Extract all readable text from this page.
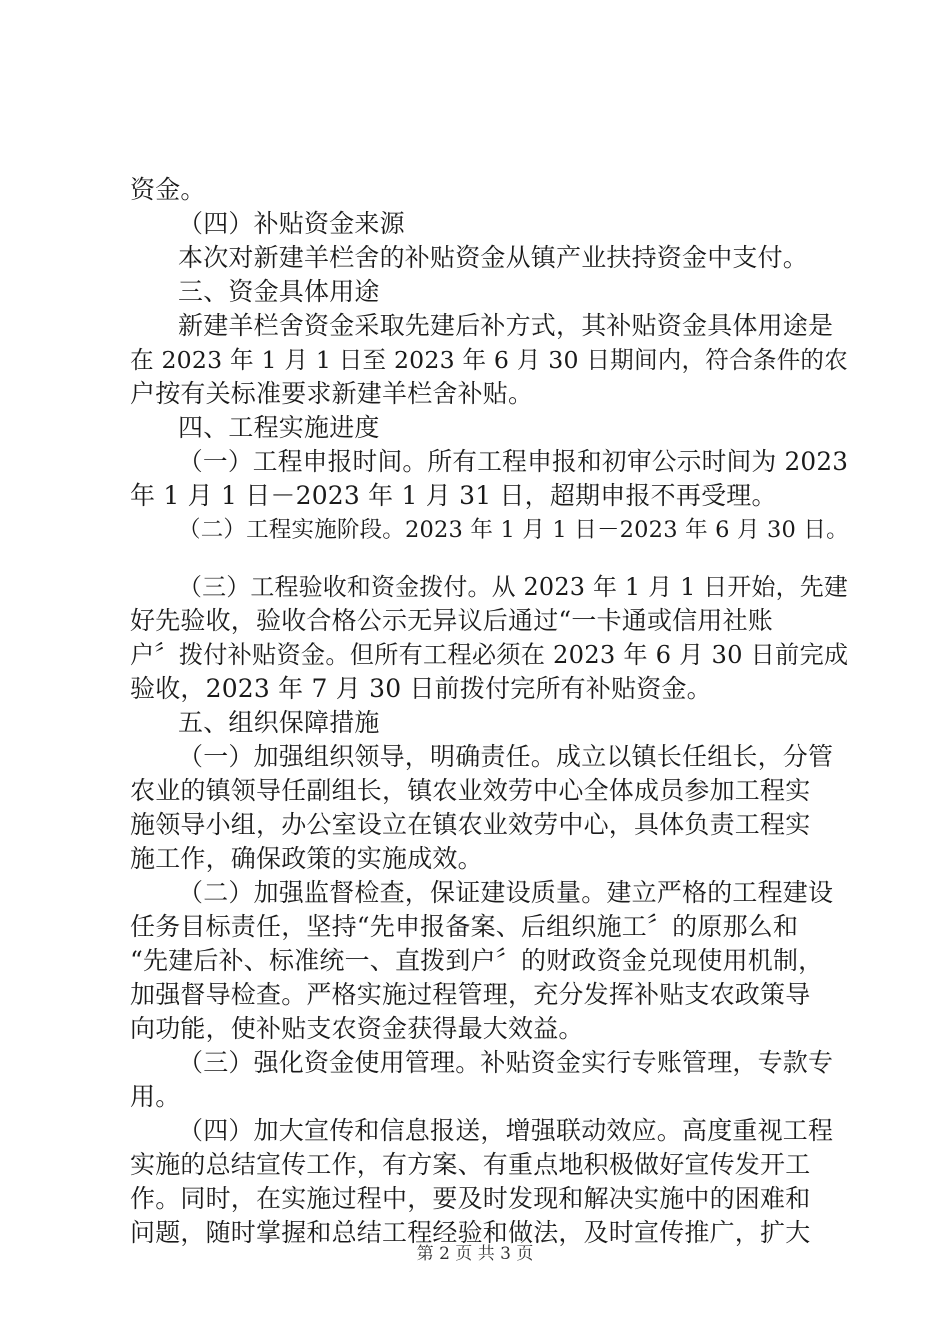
资金。
（四）补贴资金来源
本次对新建羊栏舍的补贴资金从镇产业扶持资金中支付。
三、资金具体用途
新建羊栏舍资金采取先建后补方式，其补贴资金具体用途是
在 2023 年 1 月 1 日至 2023 年 6 月 30 日期间内，符合条件的农
户按有关标准要求新建羊栏舍补贴。
四、工程实施进度
（一）工程申报时间。所有工程申报和初审公示时间为 2023
年 1 月 1 日－2023 年 1 月 31 日，超期申报不再受理。
（二）工程实施阶段。2023 年 1 月 1 日－2023 年 6 月 30 日。
（三）工程验收和资金拨付。从 2023 年 1 月 1 日开始，先建
好先验收，验收合格公示无异议后通过“一卡通或信用社账
户〞拨付补贴资金。但所有工程必须在 2023 年 6 月 30 日前完成
验收，2023 年 7 月 30 日前拨付完所有补贴资金。
五、组织保障措施
（一）加强组织领导，明确责任。成立以镇长任组长，分管
农业的镇领导任副组长，镇农业效劳中心全体成员参加工程实
施领导小组，办公室设立在镇农业效劳中心，具体负责工程实
施工作，确保政策的实施成效。
（二）加强监督检查，保证建设质量。建立严格的工程建设
任务目标责任，坚持“先申报备案、后组织施工〞的原那么和
“先建后补、标准统一、直拨到户〞的财政资金兑现使用机制，
加强督导检查。严格实施过程管理，充分发挥补贴支农政策导
向功能，使补贴支农资金获得最大效益。
（三）强化资金使用管理。补贴资金实行专账管理，专款专
用。
（四）加大宣传和信息报送，增强联动效应。高度重视工程
实施的总结宣传工作，有方案、有重点地积极做好宣传发开工
作。同时，在实施过程中，要及时发现和解决实施中的困难和
问题，随时掌握和总结工程经验和做法，及时宣传推广，扩大
第 2 页 共 3 页
